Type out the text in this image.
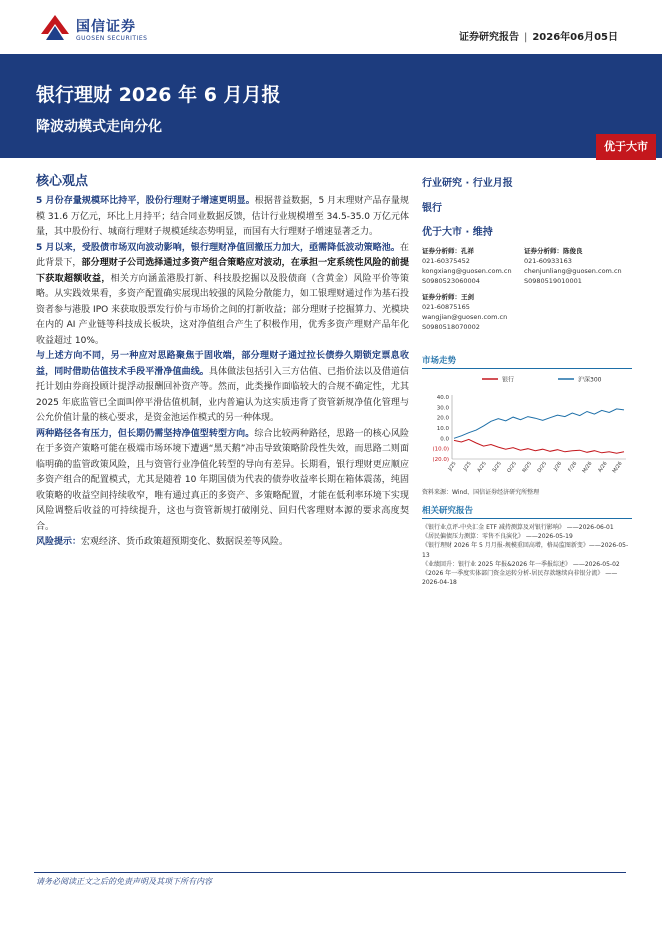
国信证券
GUOSEN SECURITIES	证券研究报告 | 2026年06月05日
银行理财 2026 年 6 月月报
降波动模式走向分化
优于大市
核心观点

5 月份存量规模环比持平，股份行理财子增速更明显。根据普益数据，5 月末理财产品存量规模 31.6 万亿元，环比上月持平；结合同业数据反馈，估计行业规模增至 34.5-35.0 万亿元体量，其中股份行、城商行理财子规模延续态势明显，而国有大行理财子增速显著乏力。

5 月以来，受股债市场双向波动影响，银行理财净值回撤压力加大，亟需降低波动策略池。在此背景下，部分理财子公司选择通过多资产组合策略应对波动，在承担一定系统性风险的前提下获取超额收益，相关方向涵盖港股打新、科技股挖掘以及股债商（含黄金）风险平价等策略。从实践效果看，多资产配置确实展现出较强的风险分散能力，如工银理财通过作为基石投资者参与港股 IPO 来获取股票发行价与市场价之间的打新收益；部分理财子挖掘算力、光模块在内的 AI 产业链等科技成长板块，这对净值组合产生了积极作用，优秀多资产理财产品年化收益超过 10%。

与上述方向不同，另一种应对思路聚焦于固收端，部分理财子通过拉长债券久期锁定票息收益，同时借助估值技术手段平滑净值曲线。具体做法包括引入三方估值、已指价法以及借道信托计划由券商投顾计提浮动报酬回补资产等。然而，此类操作面临较大的合规不确定性，尤其 2025 年底监管已全面叫停平滑估值机制，业内普遍认为这实质违背了资管新规净值化管理与公允价值计量的核心要求，是资金池运作模式的另一种体现。

两种路径各有压力，但长期仍需坚持净值型转型方向。综合比较两种路径，思路一的核心风险在于多资产策略可能在极端市场环境下遭遇“黑天鹅”冲击导致策略阶段性失效，而思路二则面临明确的监管政策风险，且与资管行业净值化转型的导向有差异。长期看，银行理财更应顺应多资产组合的配置模式，尤其是随着 10 年期国债为代表的债券收益率长期在箱体震荡，纯固收策略的收益空间持续收窄，唯有通过真正的多资产、多策略配置，才能在低利率环境下实现风险调整后收益的可持续提升，这也与资管新规打破刚兑、回归代客理财本源的要求高度契合。

风险提示：宏观经济、货币政策超预期变化、数据误差等风险。

行业研究 · 行业月报
银行
优于大市 · 维持
证券分析师：孔祥
021-60375452
kongxiang@guosen.com.cn
S0980523060004
证券分析师：陈俊良
021-60933163
chenjunliang@guosen.com.cn
S0980519010001
证券分析师：王剑
021-60875165
wangjian@guosen.com.cn
S0980518070002
市场走势
银行	沪深300
40.0
30.0
20.0
10.0
0.0
(10.0)
(20.0)
J/25 J/25 A/25 S/25 O/25 N/25 D/25 J/26 F/26 M/26 A/26 M/26
资料来源：Wind、国信证券经济研究所整理
相关研究报告
《银行业点评-中央汇金 ETF 减持测算及对银行影响》 ——2026-06-01
《居民偏债压力测算：零售不良演化》 ——2026-05-19
《银行理财 2026 年 5 月月报-规模重回高增，格局监图新变》——2026-05-13
《业绩回升：银行业 2025 年报&2026 年一季报综述》 ——2026-05-02
《2026 年一季度实体部门资金运转分析-居民存款继续向非银分流》 ——2026-04-18
请务必阅读正文之后的免责声明及其项下所有内容
